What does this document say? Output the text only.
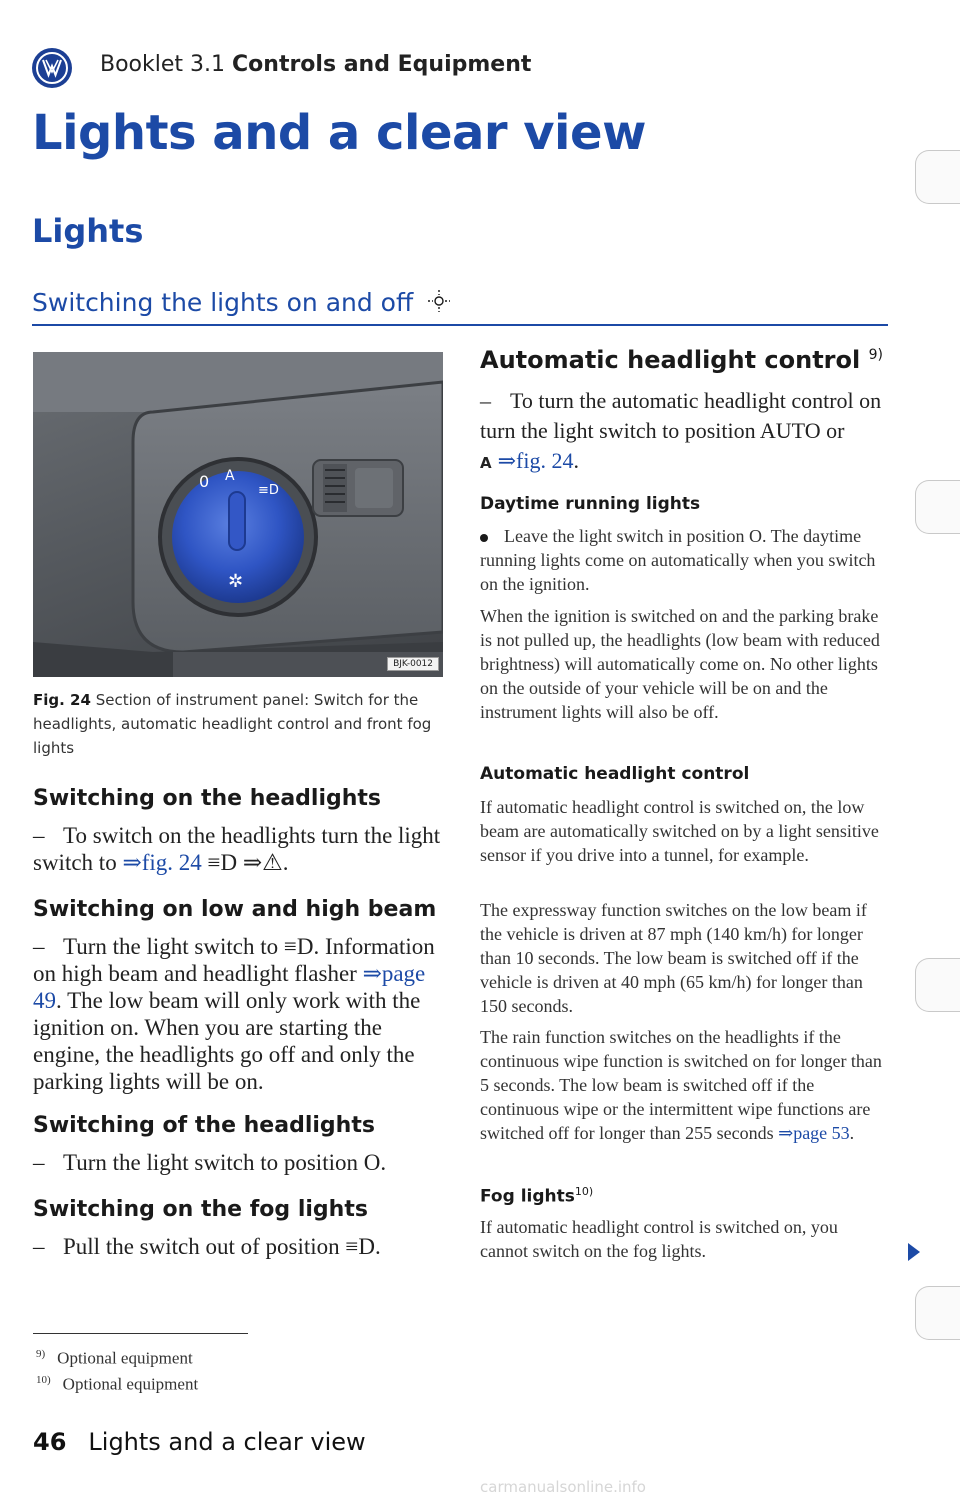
Booklet 3.1 Controls and Equipment
Lights and a clear view
Lights
Switching the lights on and off
0 A
≡D
✲
BJK-0012
Fig. 24 Section of instrument panel: Switch for the headlights, automatic headlight control and front fog lights
Switching on the headlights
– To switch on the headlights turn the light switch to ⇒fig. 24 ≡D ⇒⚠.
Switching on low and high beam
– Turn the light switch to ≡D. Information on high beam and headlight flasher ⇒page 49. The low beam will only work with the ignition on. When you are starting the engine, the headlights go off and only the parking lights will be on.
Switching of the headlights
– Turn the light switch to position O.
Switching on the fog lights
– Pull the switch out of position ≡D.
$^{9)}$ Optional equipment
$^{10)}$ Optional equipment
46 Lights and a clear view
Automatic headlight control $^{9)}$
– To turn the automatic headlight control on turn the light switch to position AUTO or A ⇒fig. 24.
Daytime running lights
Leave the light switch in position O. The daytime running lights come on automatically when you switch on the ignition.
When the ignition is switched on and the parking brake is not pulled up, the headlights (low beam with reduced brightness) will automatically come on. No other lights on the outside of your vehicle will be on and the instrument lights will also be off.
Automatic headlight control
If automatic headlight control is switched on, the low beam are automatically switched on by a light sensitive sensor if you drive into a tunnel, for example.
The expressway function switches on the low beam if the vehicle is driven at 87 mph (140 km/h) for longer than 10 seconds. The low beam is switched off if the vehicle is driven at 40 mph (65 km/h) for longer than 150 seconds.
The rain function switches on the headlights if the continuous wipe function is switched on for longer than 5 seconds. The low beam is switched off if the continuous wipe or the intermittent wipe functions are switched off for longer than 255 seconds ⇒page 53.
Fog lights$^{10)}$
If automatic headlight control is switched on, you cannot switch on the fog lights.
carmanualsonline.info
